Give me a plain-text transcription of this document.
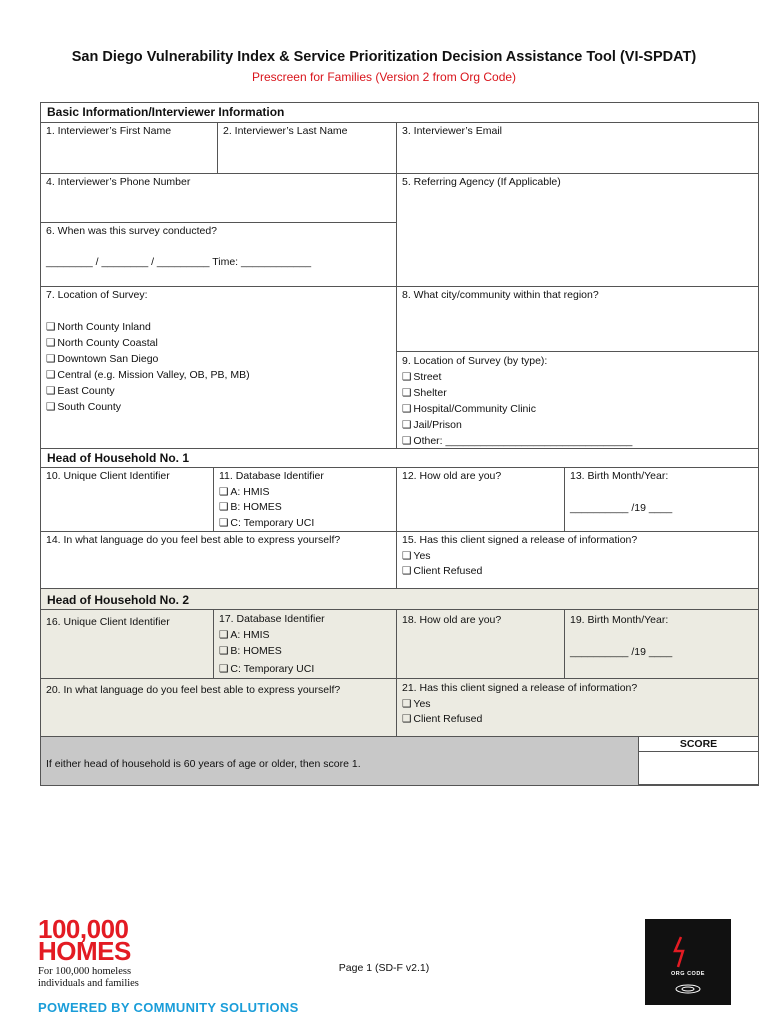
San Diego Vulnerability Index & Service Prioritization Decision Assistance Tool (VI-SPDAT)
Prescreen for Families (Version 2 from Org Code)
Basic Information/Interviewer Information
1. Interviewer’s First Name	2. Interviewer’s Last Name	3. Interviewer’s Email
4. Interviewer’s Phone Number	5. Referring Agency (If Applicable)
6. When was this survey conducted?
________ / ________ / _________ Time: ____________
7. Location of Survey:
❑ North County Inland
❑ North County Coastal
❑ Downtown San Diego
❑ Central (e.g. Mission Valley, OB, PB, MB)
❑ East County
❑ South County
8. What city/community within that region?
9. Location of Survey (by type):
❑ Street
❑ Shelter
❑ Hospital/Community Clinic
❑ Jail/Prison
❑ Other: ________________________________
Head of Household No. 1
10. Unique Client Identifier	11. Database Identifier
❑ A: HMIS
❑ B: HOMES
❑ C: Temporary UCI
12. How old are you?	13. Birth Month/Year:
__________ /19 ____
14. In what language do you feel best able to express yourself?	15. Has this client signed a release of information?
❑ Yes
❑ Client Refused
Head of Household No. 2
16. Unique Client Identifier	17. Database Identifier
❑ A: HMIS
❑ B: HOMES
❑ C: Temporary UCI
18. How old are you?	19. Birth Month/Year:
__________ /19 ____
20. In what language do you feel best able to express yourself?	21. Has this client signed a release of information?
❑ Yes
❑ Client Refused
If either head of household is 60 years of age or older, then score 1.
SCORE
100,000
HOMES
For 100,000 homeless
individuals and families
POWERED BY COMMUNITY SOLUTIONS
Page 1 (SD-F v2.1)	ORG CODE
